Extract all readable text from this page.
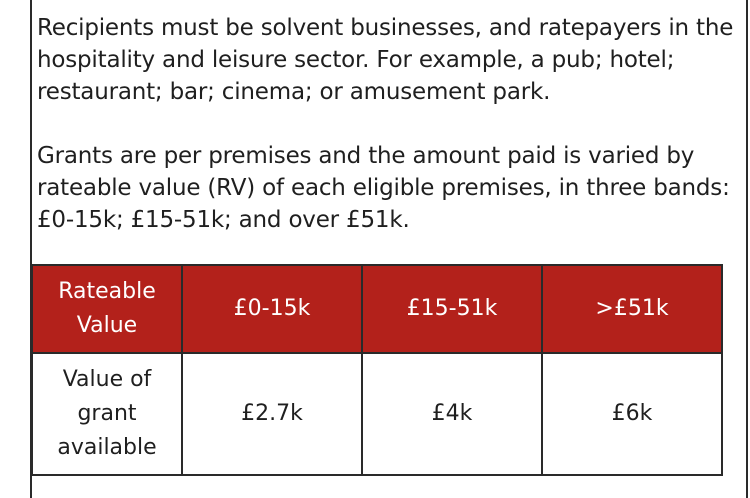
Recipients must be solvent businesses, and ratepayers in the hospitality and leisure sector. For example, a pub; hotel; restaurant; bar; cinema; or amusement park.

Grants are per premises and the amount paid is varied by rateable value (RV) of each eligible premises, in three bands: £0-15k; £15-51k; and over £51k.

Rateable Value	£0-15k	£15-51k	>£51k
Value of grant available	£2.7k	£4k	£6k
